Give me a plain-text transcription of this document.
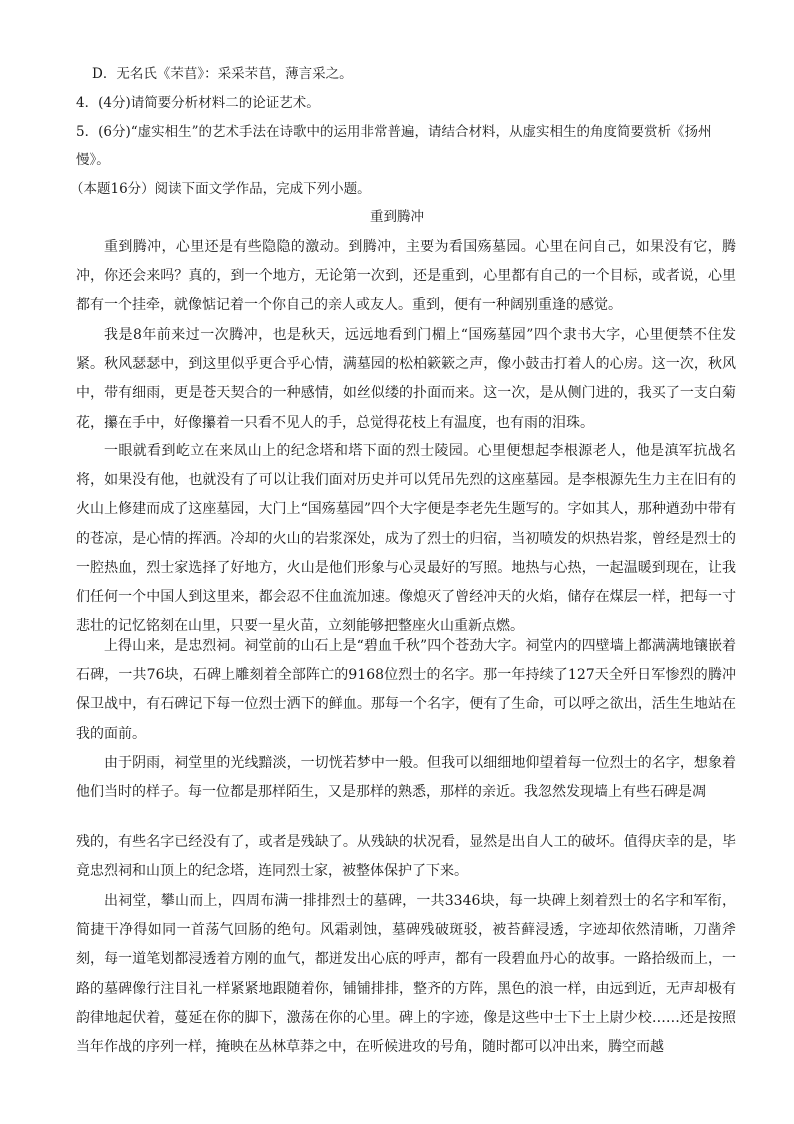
D．无名氏《芣苢》：采采芣苢，薄言采之。
4．(4分)请简要分析材料二的论证艺术。
5．(6分)“虚实相生”的艺术手法在诗歌中的运用非常普遍，请结合材料，从虚实相生的角度简要赏析《扬州慢》。
（本题16分）阅读下面文学作品，完成下列小题。
重到腾冲
重到腾冲，心里还是有些隐隐的激动。到腾冲，主要为看国殇墓园。心里在问自己，如果没有它，腾冲，你还会来吗？真的，到一个地方，无论第一次到，还是重到，心里都有自己的一个目标，或者说，心里都有一个挂牵，就像惦记着一个你自己的亲人或友人。重到，便有一种阔别重逢的感觉。
我是8年前来过一次腾冲，也是秋天，远远地看到门楣上“国殇墓园”四个隶书大字，心里便禁不住发紧。秋风瑟瑟中，到这里似乎更合乎心情，满墓园的松柏簌簌之声，像小鼓击打着人的心房。这一次，秋风中，带有细雨，更是苍天契合的一种感情，如丝似缕的扑面而来。这一次，是从侧门进的，我买了一支白菊花，攥在手中，好像攥着一只看不见人的手，总觉得花枝上有温度，也有雨的泪珠。
一眼就看到屹立在来凤山上的纪念塔和塔下面的烈士陵园。心里便想起李根源老人，他是滇军抗战名将，如果没有他，也就没有了可以让我们面对历史并可以凭吊先烈的这座墓园。是李根源先生力主在旧有的火山上修建而成了这座墓园，大门上“国殇墓园”四个大字便是李老先生题写的。字如其人，那种遒劲中带有的苍凉，是心情的挥洒。冷却的火山的岩浆深处，成为了烈士的归宿，当初喷发的炽热岩浆，曾经是烈士的一腔热血，烈士家选择了好地方，火山是他们形象与心灵最好的写照。地热与心热，一起温暖到现在，让我们任何一个中国人到这里来，都会忍不住血流加速。像熄灭了曾经冲天的火焰，储存在煤层一样，把每一寸悲壮的记忆铭刻在山里，只要一星火苗，立刻能够把整座火山重新点燃。
上得山来，是忠烈祠。祠堂前的山石上是“碧血千秋”四个苍劲大字。祠堂内的四壁墙上都满满地镶嵌着石碑，一共76块，石碑上雕刻着全部阵亡的9168位烈士的名字。那一年持续了127天全歼日军惨烈的腾冲保卫战中，有石碑记下每一位烈士洒下的鲜血。那每一个名字，便有了生命，可以呼之欲出，活生生地站在我的面前。
由于阴雨，祠堂里的光线黯淡，一切恍若梦中一般。但我可以细细地仰望着每一位烈士的名字，想象着他们当时的样子。每一位都是那样陌生，又是那样的熟悉，那样的亲近。我忽然发现墙上有些石碑是凋
残的，有些名字已经没有了，或者是残缺了。从残缺的状况看，显然是出自人工的破坏。值得庆幸的是，毕竟忠烈祠和山顶上的纪念塔，连同烈士家，被整体保护了下来。
出祠堂，攀山而上，四周布满一排排烈士的墓碑，一共3346块，每一块碑上刻着烈士的名字和军衔，简捷干净得如同一首荡气回肠的绝句。风霜剥蚀，墓碑残破斑驳，被苔藓浸透，字迹却依然清晰，刀凿斧刻，每一道笔划都浸透着方刚的血气，都迸发出心底的呼声，都有一段碧血丹心的故事。一路拾级而上，一路的墓碑像行注目礼一样紧紧地跟随着你，铺铺排排，整齐的方阵，黑色的浪一样，由远到近，无声却极有韵律地起伏着，蔓延在你的脚下，激荡在你的心里。碑上的字迹，像是这些中士下士上尉少校……还是按照当年作战的序列一样，掩映在丛林草莽之中，在听候进攻的号角，随时都可以冲出来，腾空而越
